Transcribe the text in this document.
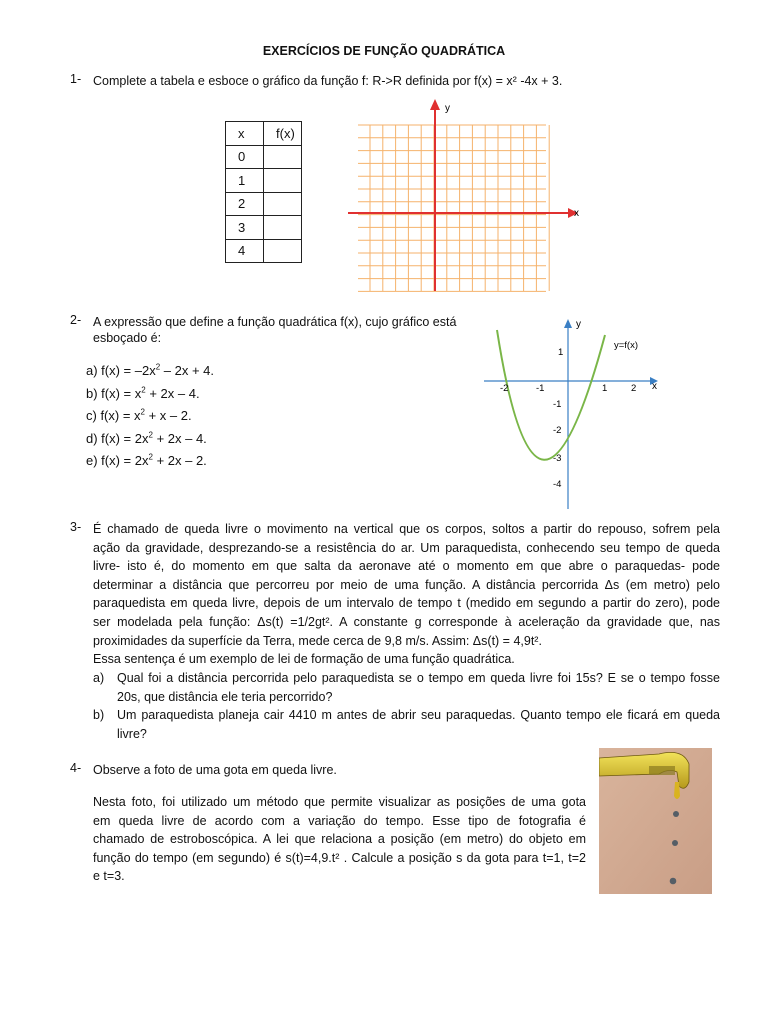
EXERCÍCIOS DE FUNÇÃO QUADRÁTICA
1- Complete a tabela e esboce o gráfico da função f: R->R definida por f(x) = x² -4x + 3.
x	f(x)
0	
1	
2	
3	
4	
x
y
2- A expressão que define a função quadrática f(x), cujo gráfico está
esboçado é:
a) $f(x) = -2x^2 - 2x + 4$.
b) $f(x) = x^2 + 2x - 4$.
c) $f(x) = x^2 + x - 2$.
d) $f(x) = 2x^2 + 2x - 4$.
e) $f(x) = 2x^2 + 2x - 2$.
x
y
y=f(x)
-2	-1	1 2
1
-1
-2
-3
-4
3- É chamado de queda livre o movimento na vertical que os corpos, soltos a partir do repouso, sofrem pela
ação da gravidade, desprezando-se a resistência do ar. Um paraquedista, conhecendo seu tempo de queda
livre- isto é, do momento em que salta da aeronave até o momento em que abre o paraquedas- pode
determinar a distância que percorreu por meio de uma função. A distância percorrida Δs (em metro) pelo
paraquedista em queda livre, depois de um intervalo de tempo t (medido em segundo a partir do zero), pode
ser modelada pela função: Δs(t) =1/2gt². A constante g corresponde à aceleração da gravidade que, nas
proximidades da superfície da Terra, mede cerca de 9,8 m/s. Assim: Δs(t) = 4,9t².
Essa sentença é um exemplo de lei de formação de uma função quadrática.
a) Qual foi a distância percorrida pelo paraquedista se o tempo em queda livre foi 15s? E se o tempo fosse
20s, que distância ele teria percorrido?
b) Um paraquedista planeja cair 4410 m antes de abrir seu paraquedas. Quanto tempo ele ficará em queda
livre?
4- Observe a foto de uma gota em queda livre.
Nesta foto, foi utilizado um método que permite visualizar as posições de uma gota
em queda livre de acordo com a variação do tempo. Esse tipo de fotografia é
chamado de estroboscópica. A lei que relaciona a posição (em metro) do objeto em
função do tempo (em segundo) é s(t)=4,9.t² . Calcule a posição s da gota para t=1, t=2
e t=3.
